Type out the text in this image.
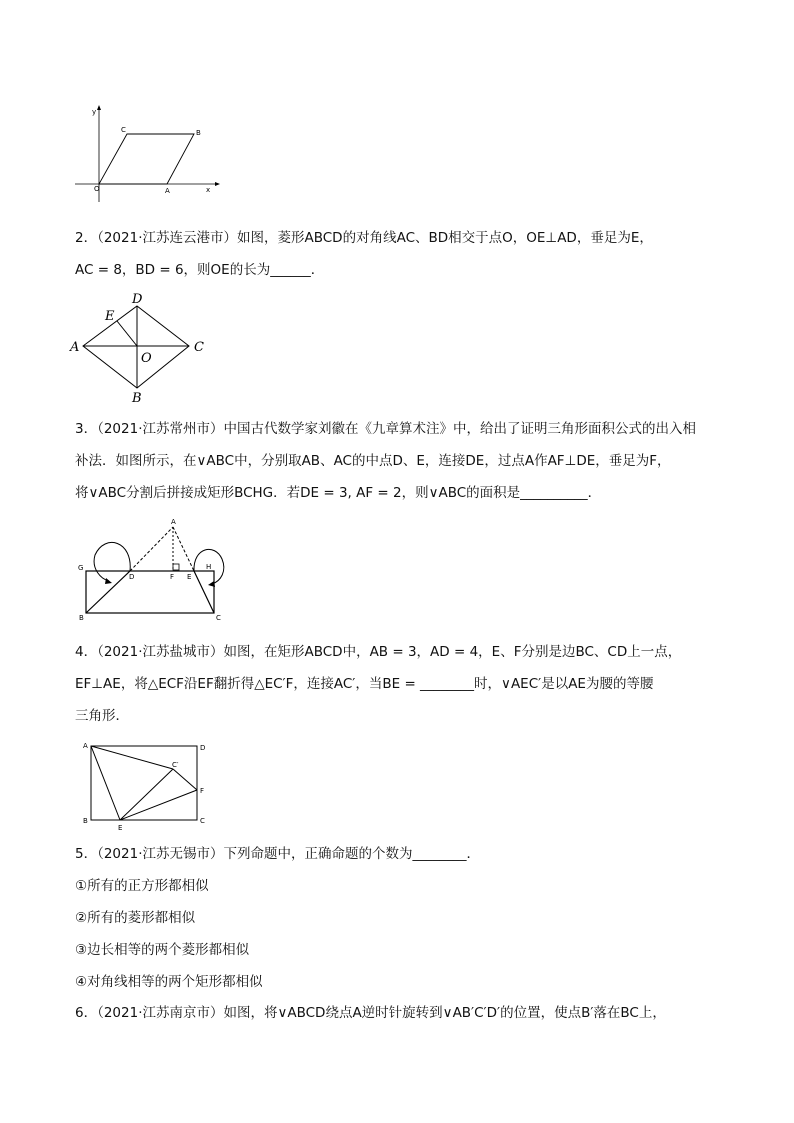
y
x
O	A
B
C
2．（2021·江苏连云港市）如图，菱形ABCD的对角线AC、BD相交于点O，OE⊥AD，垂足为E，
AC = 8，BD = 6，则OE的长为______．
D
E
A	C
O
B
3．（2021·江苏常州市）中国古代数学家刘徽在《九章算术注》中，给出了证明三角形面积公式的出入相
补法．如图所示，在∨ABC中，分别取AB、AC的中点D、E，连接DE，过点A作AF⊥DE，垂足为F，
将∨ABC分割后拼接成矩形BCHG．若DE = 3, AF = 2，则∨ABC的面积是__________．
A
G	H
D	F E
B	C
4．（2021·江苏盐城市）如图，在矩形ABCD中，AB = 3，AD = 4，E、F分别是边BC、CD上一点，
EF⊥AE，将△ECF沿EF翻折得△EC′F，连接AC′，当BE = ________时，∨AEC′是以AE为腰的等腰
三角形．
A	D
C′
F
B
E
C
5．（2021·江苏无锡市）下列命题中，正确命题的个数为________．
①所有的正方形都相似
②所有的菱形都相似
③边长相等的两个菱形都相似
④对角线相等的两个矩形都相似
6．（2021·江苏南京市）如图，将∨ABCD绕点A逆时针旋转到∨AB′C′D′的位置，使点B′落在BC上，
